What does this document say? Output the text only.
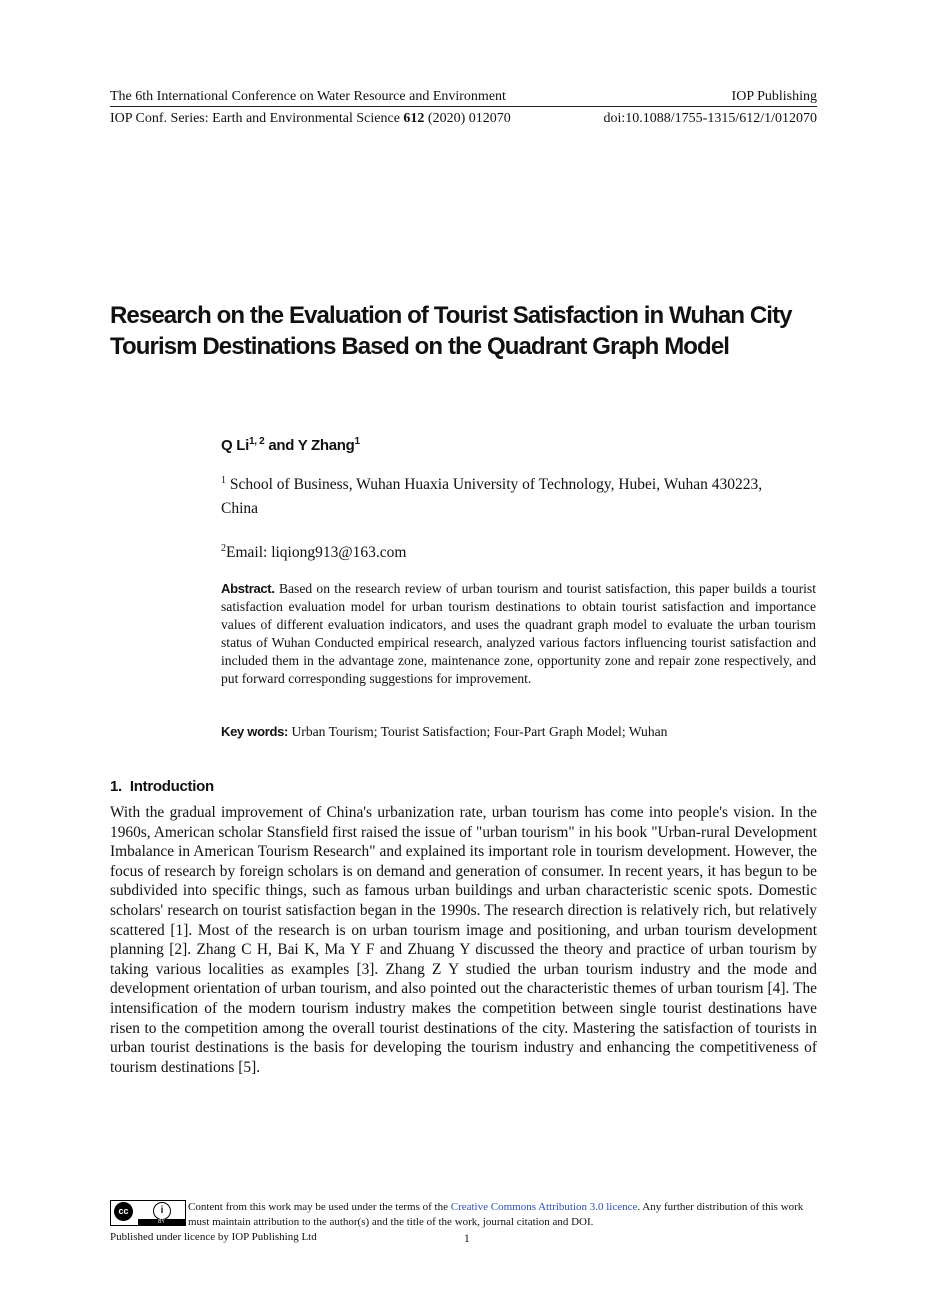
The 6th International Conference on Water Resource and Environment	IOP Publishing
IOP Conf. Series: Earth and Environmental Science 612 (2020) 012070	doi:10.1088/1755-1315/612/1/012070
Research on the Evaluation of Tourist Satisfaction in Wuhan City Tourism Destinations Based on the Quadrant Graph Model
Q Li$^{1, 2}$ and Y Zhang$^1$
$^1$ School of Business, Wuhan Huaxia University of Technology, Hubei, Wuhan 430223, China
$^2$Email: liqiong913@163.com

Abstract. Based on the research review of urban tourism and tourist satisfaction, this paper builds a tourist satisfaction evaluation model for urban tourism destinations to obtain tourist satisfaction and importance values of different evaluation indicators, and uses the quadrant graph model to evaluate the urban tourism status of Wuhan Conducted empirical research, analyzed various factors influencing tourist satisfaction and included them in the advantage zone, maintenance zone, opportunity zone and repair zone respectively, and put forward corresponding suggestions for improvement.

Key words: Urban Tourism; Tourist Satisfaction; Four-Part Graph Model; Wuhan
1. Introduction

With the gradual improvement of China's urbanization rate, urban tourism has come into people's vision. In the 1960s, American scholar Stansfield first raised the issue of "urban tourism" in his book "Urban-rural Development Imbalance in American Tourism Research" and explained its important role in tourism development. However, the focus of research by foreign scholars is on demand and generation of consumer. In recent years, it has begun to be subdivided into specific things, such as famous urban buildings and urban characteristic scenic spots. Domestic scholars' research on tourist satisfaction began in the 1990s. The research direction is relatively rich, but relatively scattered [1]. Most of the research is on urban tourism image and positioning, and urban tourism development planning [2]. Zhang C H, Bai K, Ma Y F and Zhuang Y discussed the theory and practice of urban tourism by taking various localities as examples [3]. Zhang Z Y studied the urban tourism industry and the mode and development orientation of urban tourism, and also pointed out the characteristic themes of urban tourism [4]. The intensification of the modern tourism industry makes the competition between single tourist destinations have risen to the competition among the overall tourist destinations of the city. Mastering the satisfaction of tourists in urban tourist destinations is the basis for developing the tourism industry and enhancing the competitiveness of tourism destinations [5].

cc	i
BY
Content from this work may be used under the terms of the Creative Commons Attribution 3.0 licence. Any further distribution of this work must maintain attribution to the author(s) and the title of the work, journal citation and DOI.
Published under licence by IOP Publishing Ltd	1
